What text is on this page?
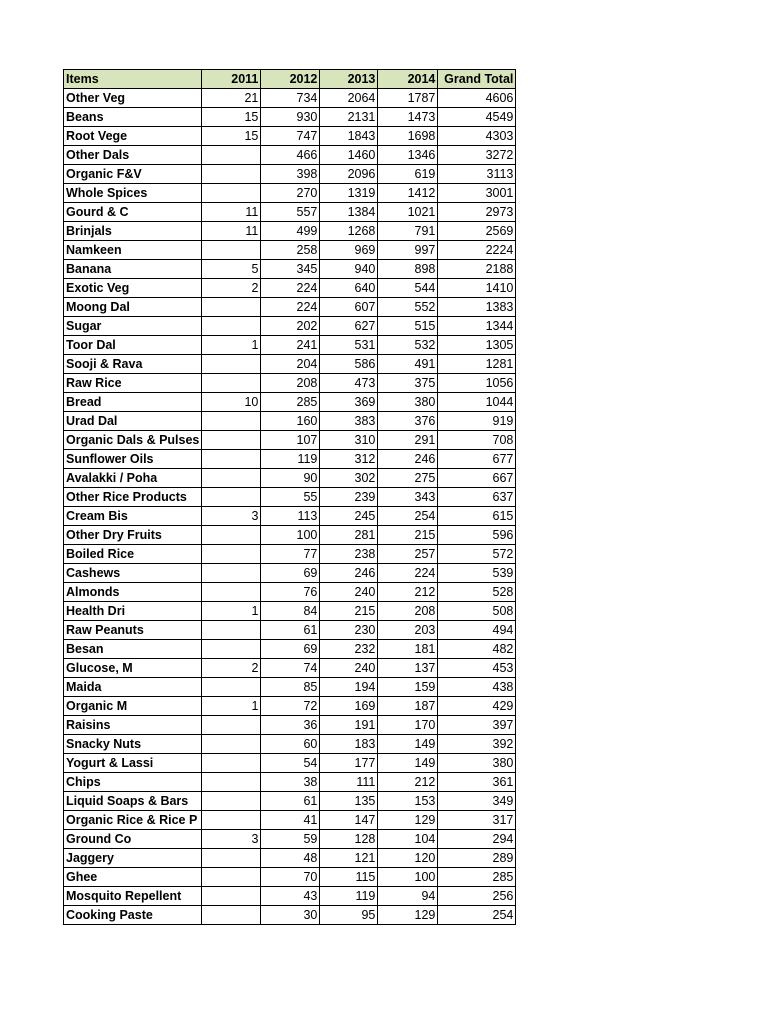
Items	2011	2012	2013	2014	Grand Total
Other Veg	21	734	2064	1787	4606
Beans	15	930	2131	1473	4549
Root Vege	15	747	1843	1698	4303
Other Dals		466	1460	1346	3272
Organic F&V		398	2096	619	3113
Whole Spices		270	1319	1412	3001
Gourd & C	11	557	1384	1021	2973
Brinjals	11	499	1268	791	2569
Namkeen		258	969	997	2224
Banana	5	345	940	898	2188
Exotic Veg	2	224	640	544	1410
Moong Dal		224	607	552	1383
Sugar		202	627	515	1344
Toor Dal	1	241	531	532	1305
Sooji & Rava		204	586	491	1281
Raw Rice		208	473	375	1056
Bread	10	285	369	380	1044
Urad Dal		160	383	376	919
Organic Dals & Pulses		107	310	291	708
Sunflower Oils		119	312	246	677
Avalakki / Poha		90	302	275	667
Other Rice Products		55	239	343	637
Cream Bis	3	113	245	254	615
Other Dry Fruits		100	281	215	596
Boiled Rice		77	238	257	572
Cashews		69	246	224	539
Almonds		76	240	212	528
Health Dri	1	84	215	208	508
Raw Peanuts		61	230	203	494
Besan		69	232	181	482
Glucose, M	2	74	240	137	453
Maida		85	194	159	438
Organic M	1	72	169	187	429
Raisins		36	191	170	397
Snacky Nuts		60	183	149	392
Yogurt & Lassi		54	177	149	380
Chips		38	111	212	361
Liquid Soaps & Bars		61	135	153	349
Organic Rice & Rice P		41	147	129	317
Ground Co	3	59	128	104	294
Jaggery		48	121	120	289
Ghee		70	115	100	285
Mosquito Repellent		43	119	94	256
Cooking Paste		30	95	129	254
